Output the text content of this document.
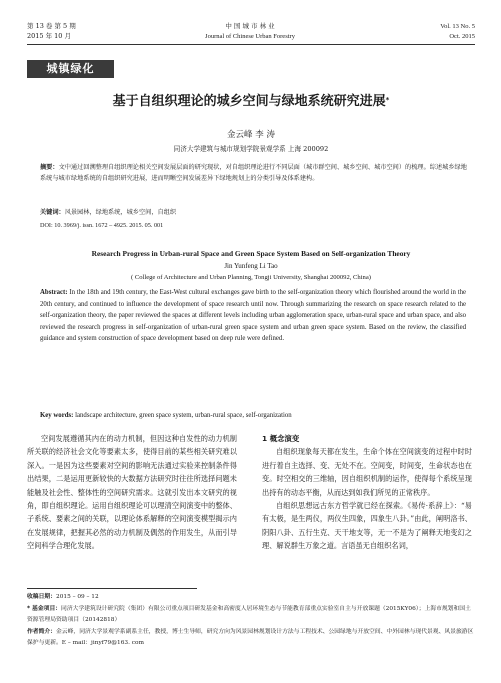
第 13 卷 第 5 期
2015 年 10 月
中 国 城 市 林 业
Journal of Chinese Urban Forestry
Vol. 13 No. 5
Oct. 2015
城镇绿化
基于自组织理论的城乡空间与绿地系统研究进展*
金云峰 李 涛
同济大学建筑与城市规划学院景观学系 上海 200092
摘要：文中通过回溯整理自组织理论相关空间发展层面的研究现状，对自组织理论进行不同层面（城市群空间、城乡空间、城市空间）的梳理。综述城乡绿地系统与城市绿地系统的自组织研究进展，进而明晰空间发展差异下绿地规划上的分类引导及体系建构。
关键词：风景园林，绿地系统，城乡空间，自组织
DOI: 10. 3969/j. issn. 1672 – 4925. 2015. 05. 001
Research Progress in Urban-rural Space and Green Space System Based on Self-organization Theory
Jin Yunfeng Li Tao
( College of Architecture and Urban Planning, Tongji University, Shanghai 200092, China)
Abstract: In the 18th and 19th century, the East-West cultural exchanges gave birth to the self-organization theory which flourished around the world in the 20th century, and continued to influence the development of space research until now. Through summarizing the research on space research related to the self-organization theory, the paper reviewed the spaces at different levels including urban agglomeration space, urban-rural space and urban space, and also reviewed the research progress in self-organization of urban-rural green space system and urban green space system. Based on the review, the classified guidance and system construction of space development based on deep rule were defined.
Key words: landscape architecture, green space system, urban-rural space, self-organization

空间发展遵循其内在的动力机制，但因这种自发性的动力机制所关联的经济社会文化等要素太多，使得目前的某些相关研究难以深入。一是因为这些要素对空间的影响无法通过实验来控制条件得出结果，二是运用更新较快的大数据方法研究时往往所选择问题未能触及社会性、整体性的空间研究需求。这就引发出本文研究的视角，即自组织理论。运用自组织理论可以理清空间演变中的整体、子系统、要素之间的关联，以理论体系解释的空间演变模型揭示内在发展规律，把握其必然的动力机制及偶然的作用发生，从而引导空间科学合理化发展。

1 概念演变

自组织现象每天都在发生，生命个体在空间演变的过程中时时进行着自主选择、变、无处不在。空间变，时间变，生命状态也在变。时空相交的三维轴，因自组织机制的运作，使得每个系统呈现出持有的动态平衡，从而达到如我们所见的正常秩序。

自组织思想远古东方哲学就已经在探索。《易传·系辞上》：“易有太极，是生两仪，两仪生四象，四象生八卦。”由此，阐明洛书、阴阳八卦、五行生克、天干地支等，无一不是为了阐释天地变幻之理、解说群生万象之道。言语虽无自组织名词，

收稿日期：2015 – 09 – 12
* 基金项目：同济大学建筑设计研究院（集团）有限公司重点项目研发基金和高密度人居环境生态与节能教育部重点实验室自主与开放课题（2015KY06）；上海市规划和国土资源管理局资助项目（20142818）
作者简介：金云峰，同济大学景观学系副系主任，教授，博士生导师，研究方向为风景园林规划设计方法与工程技术、公园绿地与开放空间、中外园林与现代景观、风景旅游区保护与更新。E – mail：jinyf79@163. com
